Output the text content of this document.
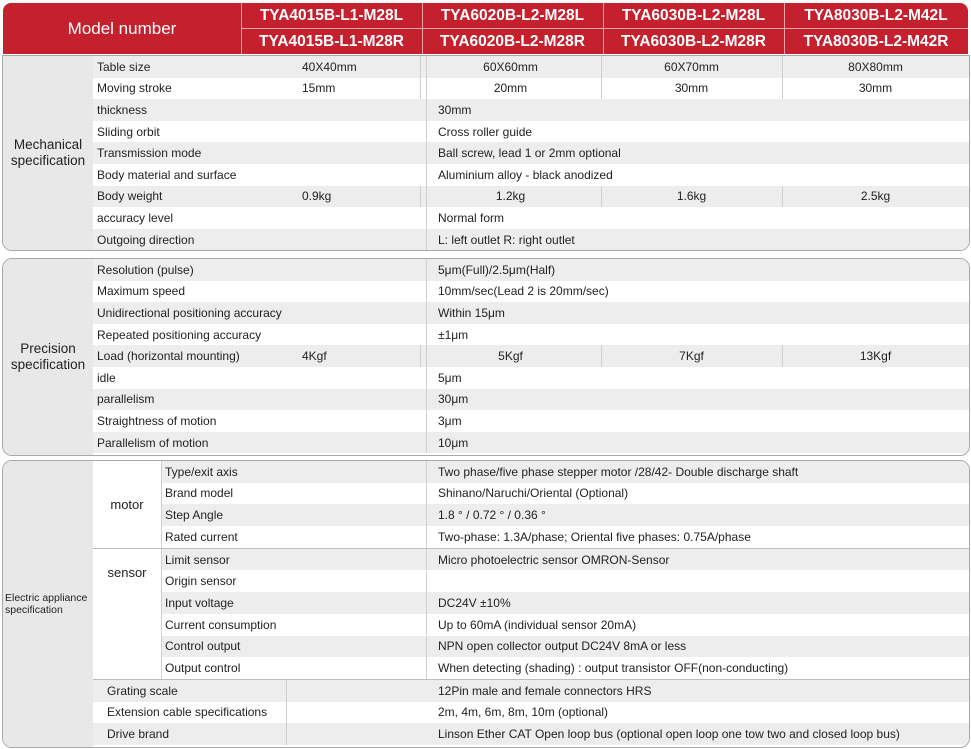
Model number
TYA4015B-L1-M28L	TYA6020B-L2-M28L	TYA6030B-L2-M28L	TYA8030B-L2-M42L
TYA4015B-L1-M28R	TYA6020B-L2-M28R	TYA6030B-L2-M28R	TYA8030B-L2-M42R
Mechanical specification
Table size	40X40mm	60X60mm	60X70mm	80X80mm
Moving stroke	15mm	20mm	30mm	30mm
thickness	30mm
Sliding orbit	Cross roller guide
Transmission mode	Ball screw, lead 1 or 2mm optional
Body material and surface	Aluminium alloy - black anodized
Body weight	0.9kg	1.2kg	1.6kg	2.5kg
accuracy level	Normal form
Outgoing direction	L: left outlet R: right outlet
Precision specification
Resolution (pulse)	5μm(Full)/2.5μm(Half)
Maximum speed	10mm/sec(Lead 2 is 20mm/sec)
Unidirectional positioning accuracy	Within 15μm
Repeated positioning accuracy	±1μm
Load (horizontal mounting)	4Kgf	5Kgf	7Kgf	13Kgf
idle	5μm
parallelism	30μm
Straightness of motion	3μm
Parallelism of motion	10μm
Electric appliance specification
Type/exit axis	Two phase/five phase stepper motor /28/42- Double discharge shaft
Brand model	Shinano/Naruchi/Oriental (Optional)
Step Angle	1.8 ° / 0.72 ° / 0.36 °
Rated current	Two-phase: 1.3A/phase; Oriental five phases: 0.75A/phase
motor
Limit sensor	Micro photoelectric sensor OMRON-Sensor
Origin sensor
Input voltage	DC24V ±10%
Current consumption	Up to 60mA (individual sensor 20mA)
Control output	NPN open collector output DC24V 8mA or less
Output control	When detecting (shading) : output transistor OFF(non-conducting)
sensor
Grating scale	12Pin male and female connectors HRS
Extension cable specifications	2m, 4m, 6m, 8m, 10m (optional)
Drive brand	Linson Ether CAT Open loop bus (optional open loop one tow two and closed loop bus)
